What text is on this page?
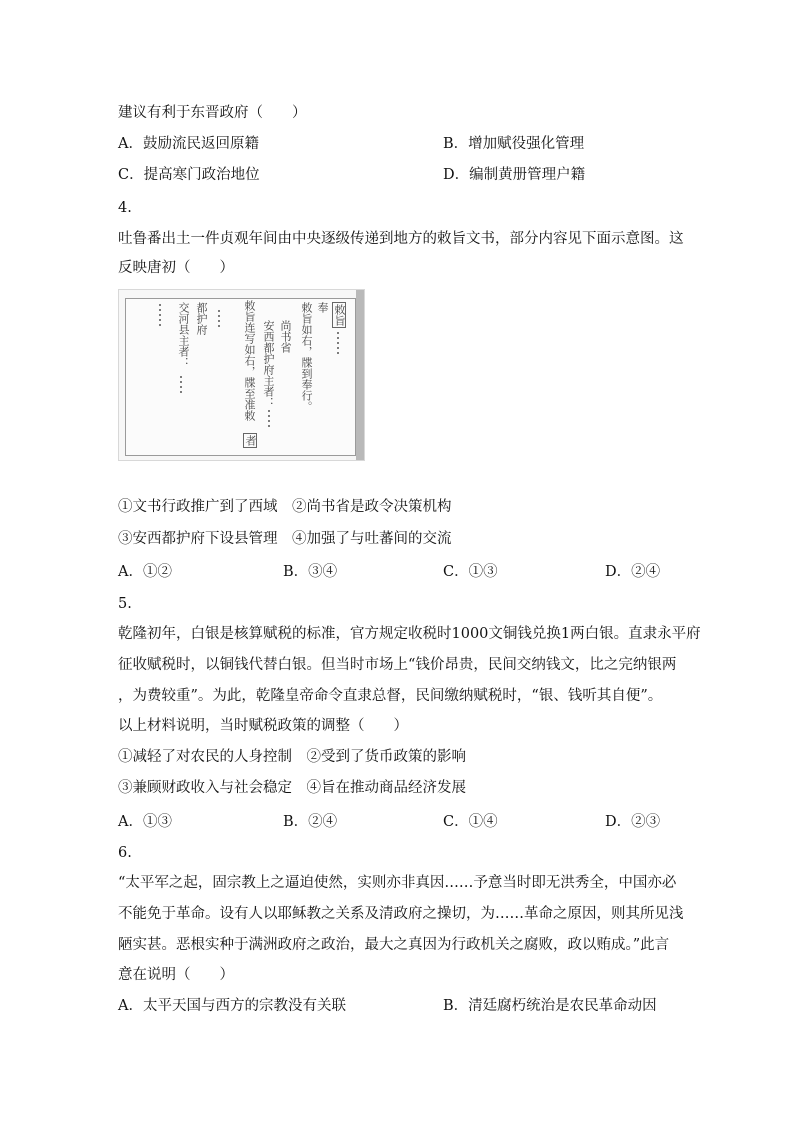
建议有利于东晋政府（　　）
A．鼓励流民返回原籍	B．增加赋役强化管理
C．提高寒门政治地位	D．编制黄册管理户籍
4.
吐鲁番出土一件贞观年间由中央逐级传递到地方的敕旨文书，部分内容见下面示意图。这
反映唐初（　　）
敕旨
奉
敕旨如右，牒到奉行。
尚书省
安西都护府主者：
敕旨连写如右，牒至准敕
者
都护府
交河县主者：
①文书行政推广到了西域　②尚书省是政令决策机构
③安西都护府下设县管理　④加强了与吐蕃间的交流
A．①②	B．③④	C．①③	D．②④
5.
乾隆初年，白银是核算赋税的标准，官方规定收税时1000文铜钱兑换1两白银。直隶永平府
征收赋税时，以铜钱代替白银。但当时市场上“钱价昂贵，民间交纳钱文，比之完纳银两
，为费较重”。为此，乾隆皇帝命令直隶总督，民间缴纳赋税时，“银、钱听其自便”。
以上材料说明，当时赋税政策的调整（　　）
①减轻了对农民的人身控制　②受到了货币政策的影响
③兼顾财政收入与社会稳定　④旨在推动商品经济发展
A．①③	B．②④	C．①④	D．②③
6.
“太平军之起，固宗教上之逼迫使然，实则亦非真因……予意当时即无洪秀全，中国亦必
不能免于革命。设有人以耶稣教之关系及清政府之操切，为……革命之原因，则其所见浅
陋实甚。恶根实种于满洲政府之政治，最大之真因为行政机关之腐败，政以贿成。”此言
意在说明（　　）
A．太平天国与西方的宗教没有关联	B．清廷腐朽统治是农民革命动因
